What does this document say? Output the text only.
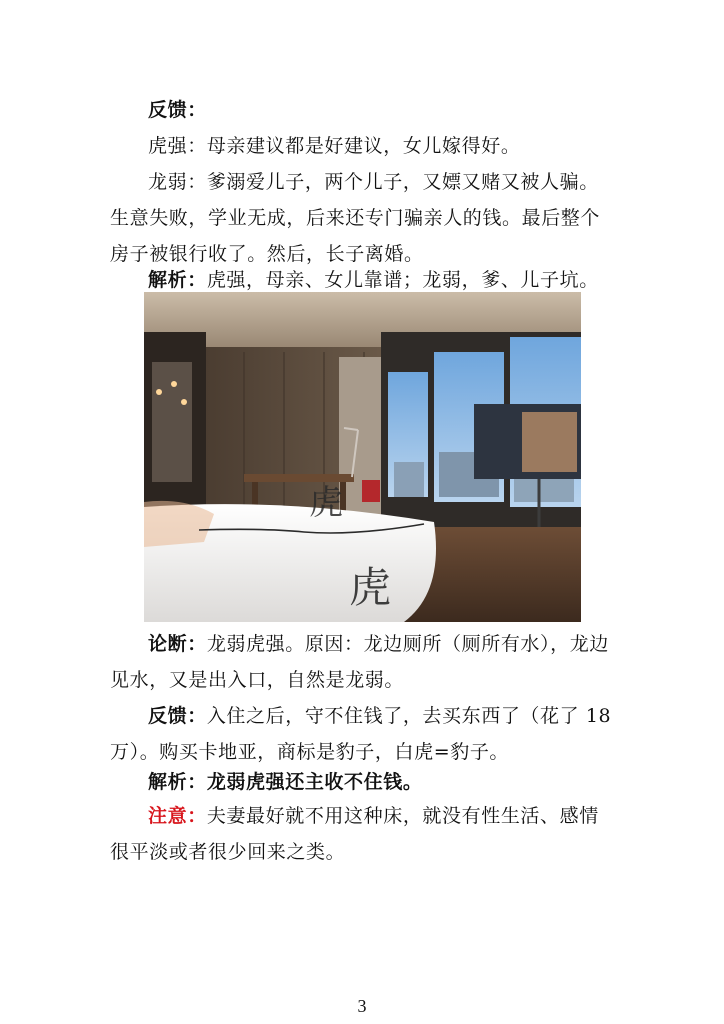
反馈：

虎强：母亲建议都是好建议，女儿嫁得好。

龙弱：爹溺爱儿子，两个儿子，又嫖又赌又被人骗。生意失败，学业无成，后来还专门骗亲人的钱。最后整个房子被银行收了。然后，长子离婚。

解析：虎强，母亲、女儿靠谱；龙弱，爹、儿子坑。

虎
虎

论断：龙弱虎强。原因：龙边厕所（厕所有水），龙边见水，又是出入口，自然是龙弱。

反馈：入住之后，守不住钱了，去买东西了（花了 18 万）。购买卡地亚，商标是豹子，白虎=豹子。

解析：龙弱虎强还主收不住钱。

注意：夫妻最好就不用这种床，就没有性生活、感情很平淡或者很少回来之类。

3
